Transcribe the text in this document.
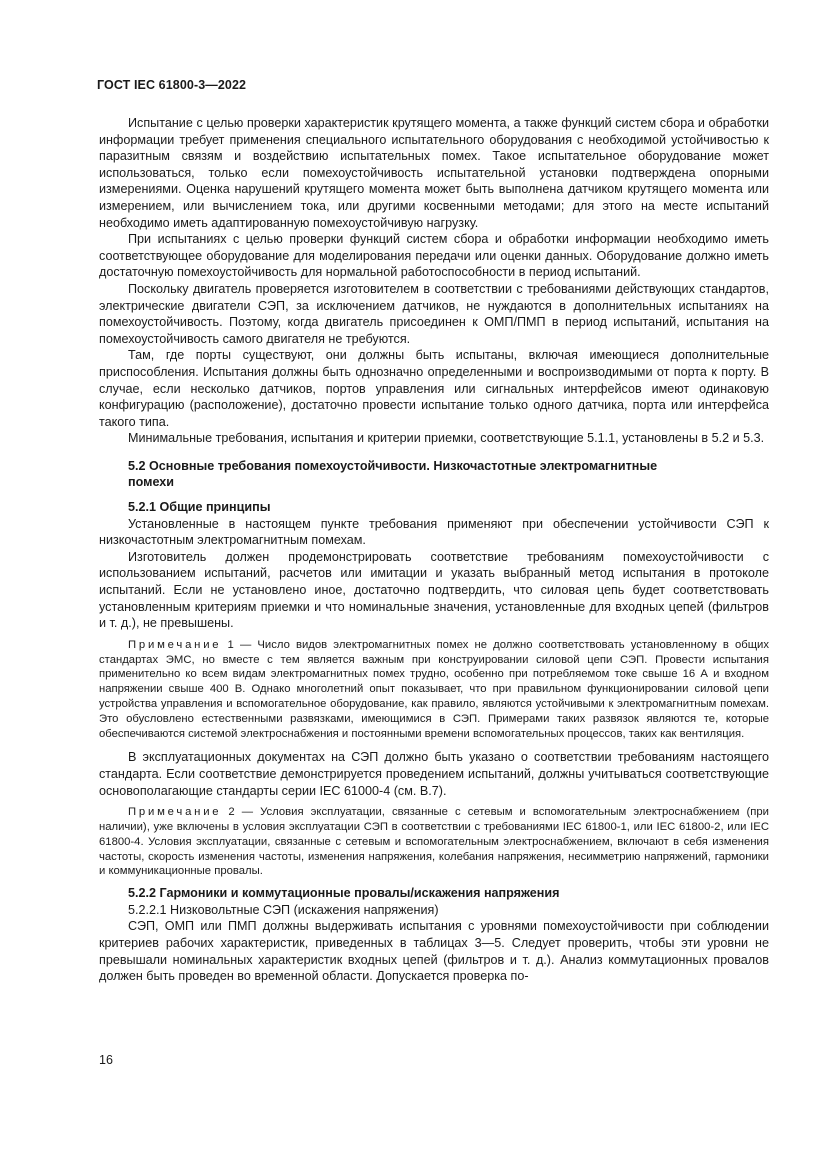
ГОСТ IEC 61800-3—2022

Испытание с целью проверки характеристик крутящего момента, а также функций систем сбора и обработки информации требует применения специального испытательного оборудования с необходимой устойчивостью к паразитным связям и воздействию испытательных помех. Такое испытательное оборудование может использоваться, только если помехоустойчивость испытательной установки подтверждена опорными измерениями. Оценка нарушений крутящего момента может быть выполнена датчиком крутящего момента или измерением, или вычислением тока, или другими косвенными методами; для этого на месте испытаний необходимо иметь адаптированную помехоустойчивую нагрузку.

При испытаниях с целью проверки функций систем сбора и обработки информации необходимо иметь соответствующее оборудование для моделирования передачи или оценки данных. Оборудование должно иметь достаточную помехоустойчивость для нормальной работоспособности в период испытаний.

Поскольку двигатель проверяется изготовителем в соответствии с требованиями действующих стандартов, электрические двигатели СЭП, за исключением датчиков, не нуждаются в дополнительных испытаниях на помехоустойчивость. Поэтому, когда двигатель присоединен к ОМП/ПМП в период испытаний, испытания на помехоустойчивость самого двигателя не требуются.

Там, где порты существуют, они должны быть испытаны, включая имеющиеся дополнительные приспособления. Испытания должны быть однозначно определенными и воспроизводимыми от порта к порту. В случае, если несколько датчиков, портов управления или сигнальных интерфейсов имеют одинаковую конфигурацию (расположение), достаточно провести испытание только одного датчика, порта или интерфейса такого типа.

Минимальные требования, испытания и критерии приемки, соответствующие 5.1.1, установлены в 5.2 и 5.3.

5.2 Основные требования помехоустойчивости. Низкочастотные электромагнитные
помехи

5.2.1 Общие принципы

Установленные в настоящем пункте требования применяют при обеспечении устойчивости СЭП к низкочастотным электромагнитным помехам.

Изготовитель должен продемонстрировать соответствие требованиям помехоустойчивости с использованием испытаний, расчетов или имитации и указать выбранный метод испытания в протоколе испытаний. Если не установлено иное, достаточно подтвердить, что силовая цепь будет соответствовать установленным критериям приемки и что номинальные значения, установленные для входных цепей (фильтров и т. д.), не превышены.

Примечание 1 — Число видов электромагнитных помех не должно соответствовать установленному в общих стандартах ЭМС, но вместе с тем является важным при конструировании силовой цепи СЭП. Провести испытания применительно ко всем видам электромагнитных помех трудно, особенно при потребляемом токе свыше 16 А и входном напряжении свыше 400 В. Однако многолетний опыт показывает, что при правильном функционировании силовой цепи устройства управления и вспомогательное оборудование, как правило, являются устойчивыми к электромагнитным помехам. Это обусловлено естественными развязками, имеющимися в СЭП. Примерами таких развязок являются те, которые обеспечиваются системой электроснабжения и постоянными времени вспомогательных процессов, таких как вентиляция.

В эксплуатационных документах на СЭП должно быть указано о соответствии требованиям настоящего стандарта. Если соответствие демонстрируется проведением испытаний, должны учитываться соответствующие основополагающие стандарты серии IEC 61000-4 (см. В.7).

Примечание 2 — Условия эксплуатации, связанные с сетевым и вспомогательным электроснабжением (при наличии), уже включены в условия эксплуатации СЭП в соответствии с требованиями IEC 61800-1, или IEC 61800-2, или IEC 61800-4. Условия эксплуатации, связанные с сетевым и вспомогательным электроснабжением, включают в себя изменения частоты, скорость изменения частоты, изменения напряжения, колебания напряжения, несимметрию напряжений, гармоники и коммуникационные провалы.

5.2.2 Гармоники и коммутационные провалы/искажения напряжения

5.2.2.1 Низковольтные СЭП (искажения напряжения)

СЭП, ОМП или ПМП должны выдерживать испытания с уровнями помехоустойчивости при соблюдении критериев рабочих характеристик, приведенных в таблицах 3—5. Следует проверить, чтобы эти уровни не превышали номинальных характеристик входных цепей (фильтров и т. д.). Анализ коммутационных провалов должен быть проведен во временной области. Допускается проверка по-

16
